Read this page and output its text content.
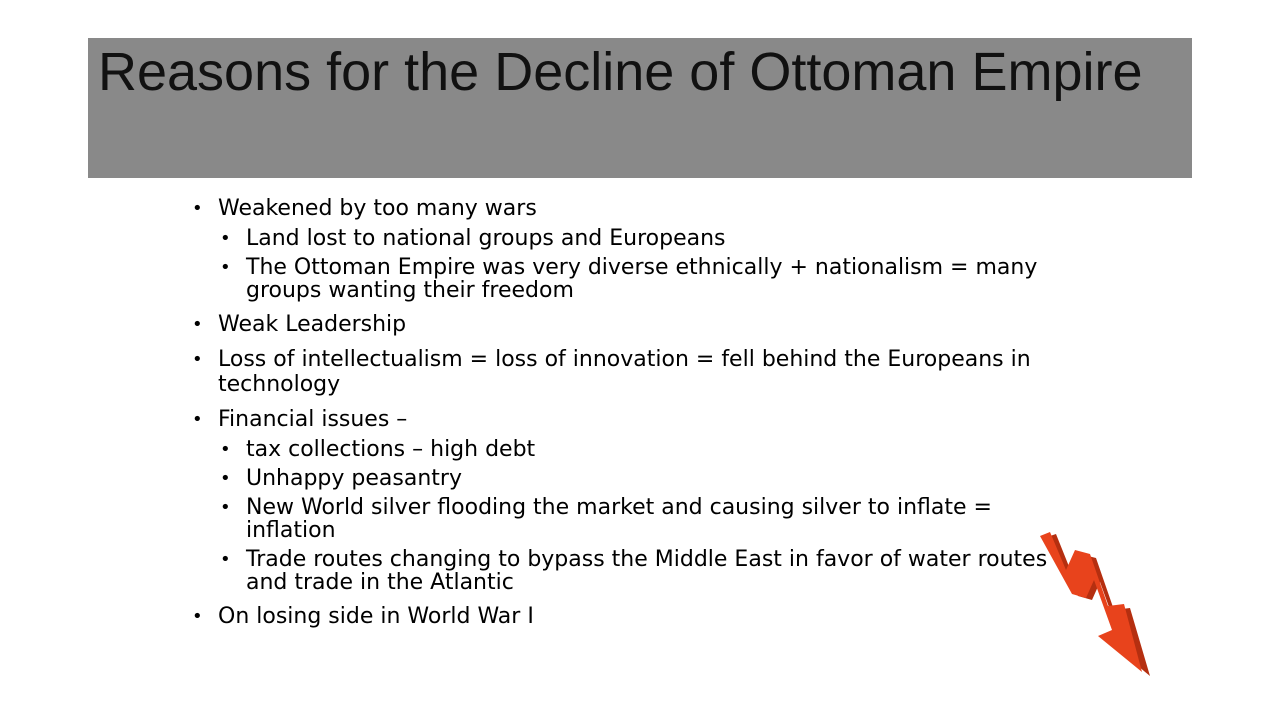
Reasons for the Decline of Ottoman Empire
• Weakened by too many wars
• Land lost to national groups and Europeans
• The Ottoman Empire was very diverse ethnically + nationalism = many groups wanting their freedom
• Weak Leadership
• Loss of intellectualism = loss of innovation = fell behind the Europeans in technology
• Financial issues –
• tax collections – high debt
• Unhappy peasantry
• New World silver flooding the market and causing silver to inflate = inflation
• Trade routes changing to bypass the Middle East in favor of water routes and trade in the Atlantic
• On losing side in World War I
